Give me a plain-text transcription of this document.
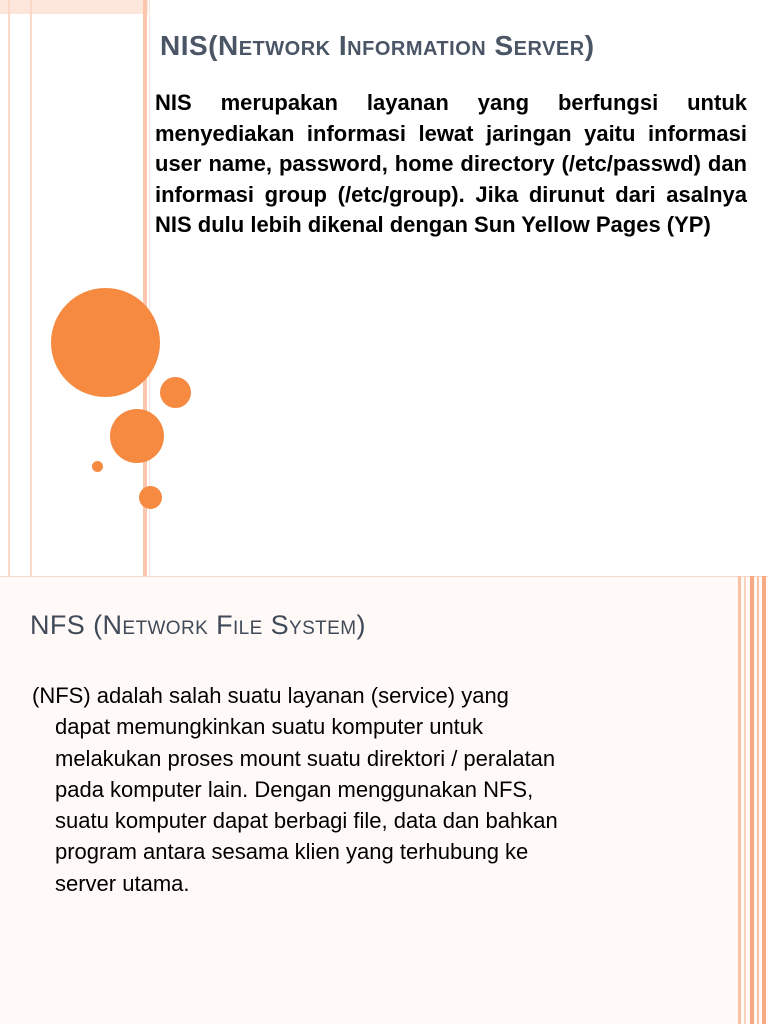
NIS(Network Information Server)
NIS merupakan layanan yang berfungsi untuk menyediakan informasi lewat jaringan yaitu informasi user name, password, home directory (/etc/passwd) dan informasi group (/etc/group). Jika dirunut dari asalnya NIS dulu lebih dikenal dengan Sun Yellow Pages (YP)
NFS (Network File System)
(NFS) adalah salah suatu layanan (service) yang
dapat memungkinkan suatu komputer untuk
melakukan proses mount suatu direktori / peralatan
pada komputer lain. Dengan menggunakan NFS,
suatu komputer dapat berbagi file, data dan bahkan
program antara sesama klien yang terhubung ke
server utama.
